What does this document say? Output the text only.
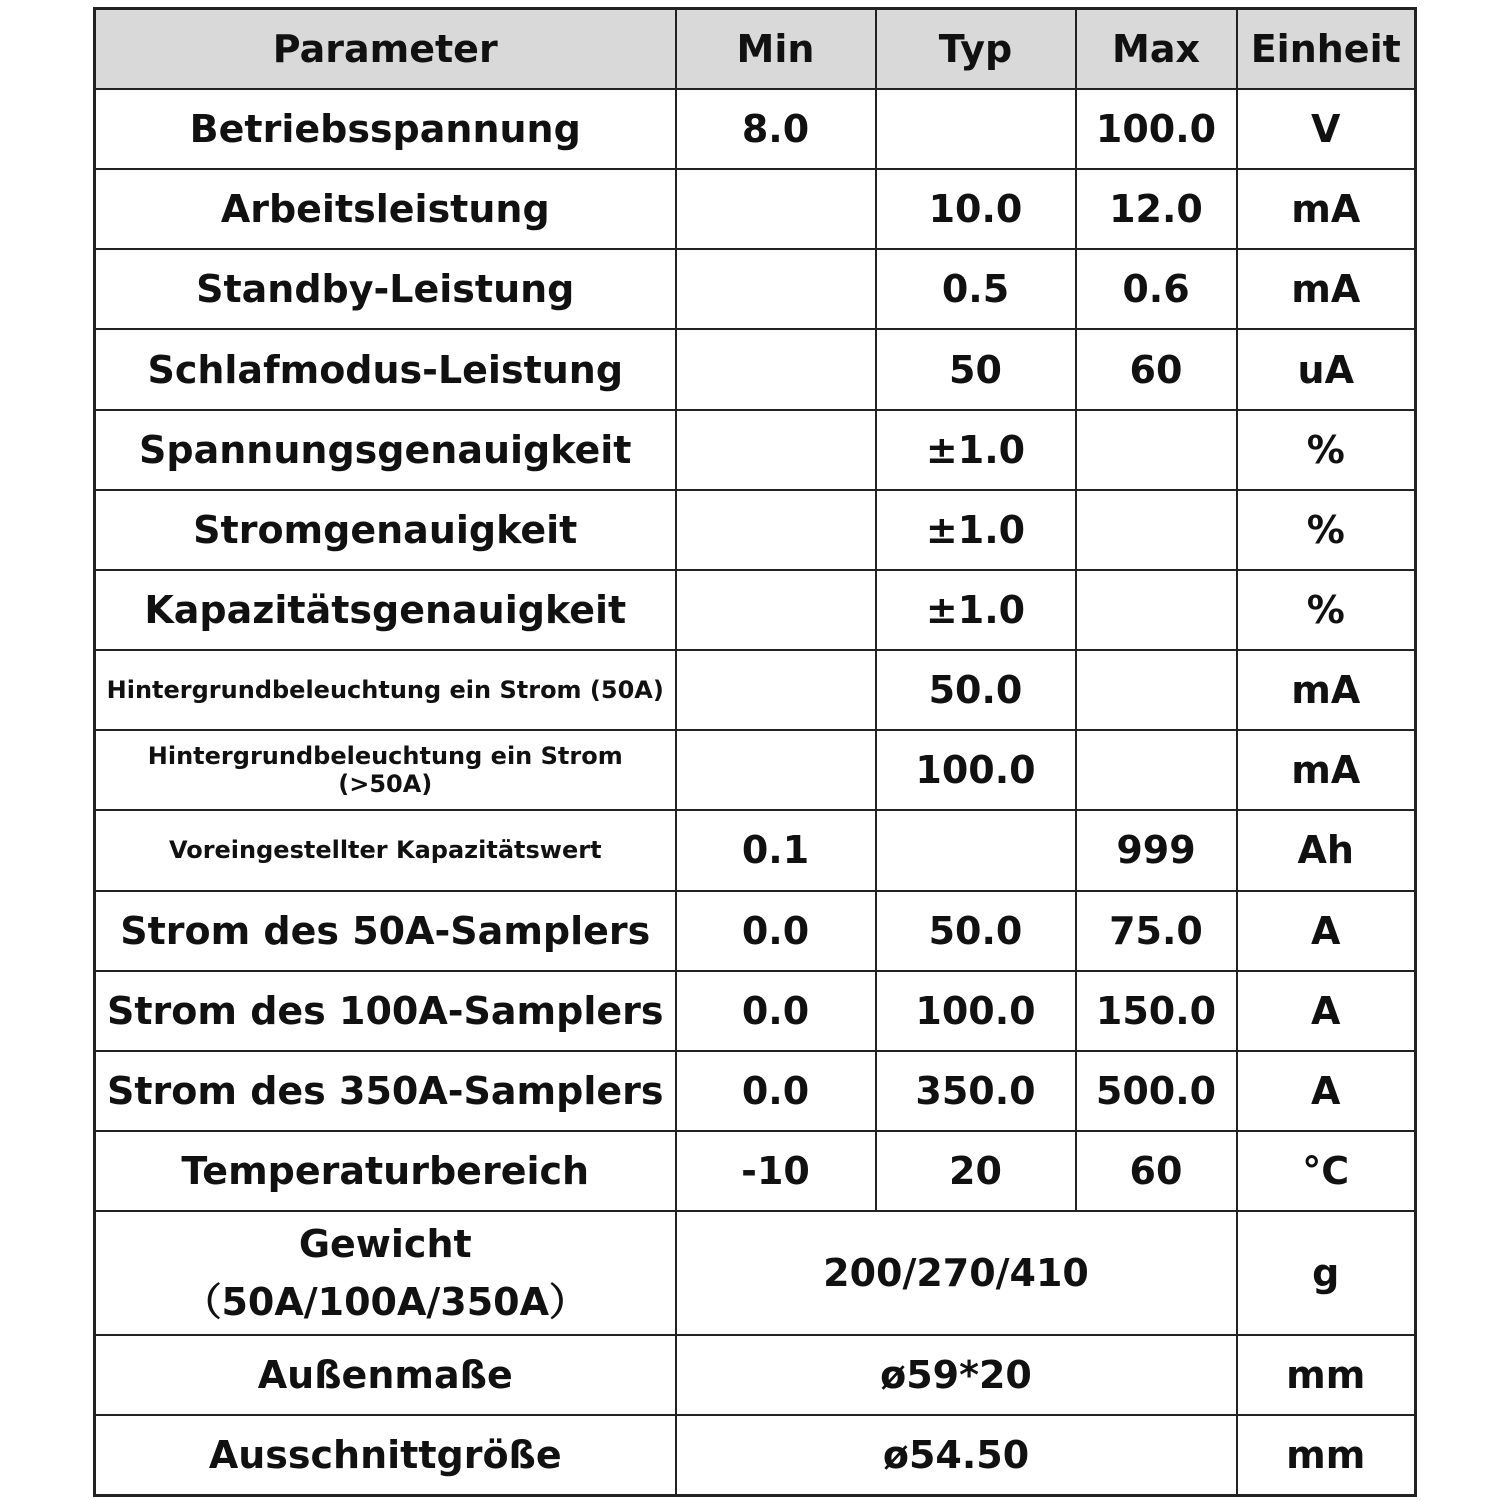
Parameter	Min	Typ	Max	Einheit
Betriebsspannung	8.0		100.0	V
Arbeitsleistung		10.0	12.0	mA
Standby-Leistung		0.5	0.6	mA
Schlafmodus-Leistung		50	60	uA
Spannungsgenauigkeit		±1.0		%
Stromgenauigkeit		±1.0		%
Kapazitätsgenauigkeit		±1.0		%
Hintergrundbeleuchtung ein Strom (50A)		50.0		mA
Hintergrundbeleuchtung ein Strom (>50A)		100.0		mA
Voreingestellter Kapazitätswert	0.1		999	Ah
Strom des 50A-Samplers	0.0	50.0	75.0	A
Strom des 100A-Samplers	0.0	100.0	150.0	A
Strom des 350A-Samplers	0.0	350.0	500.0	A
Temperaturbereich	-10	20	60	°C

Gewicht
（50A/100A/350A）	200/270/410			g
Außenmaße	ø59*20			mm
Ausschnittgröße	ø54.50			mm
